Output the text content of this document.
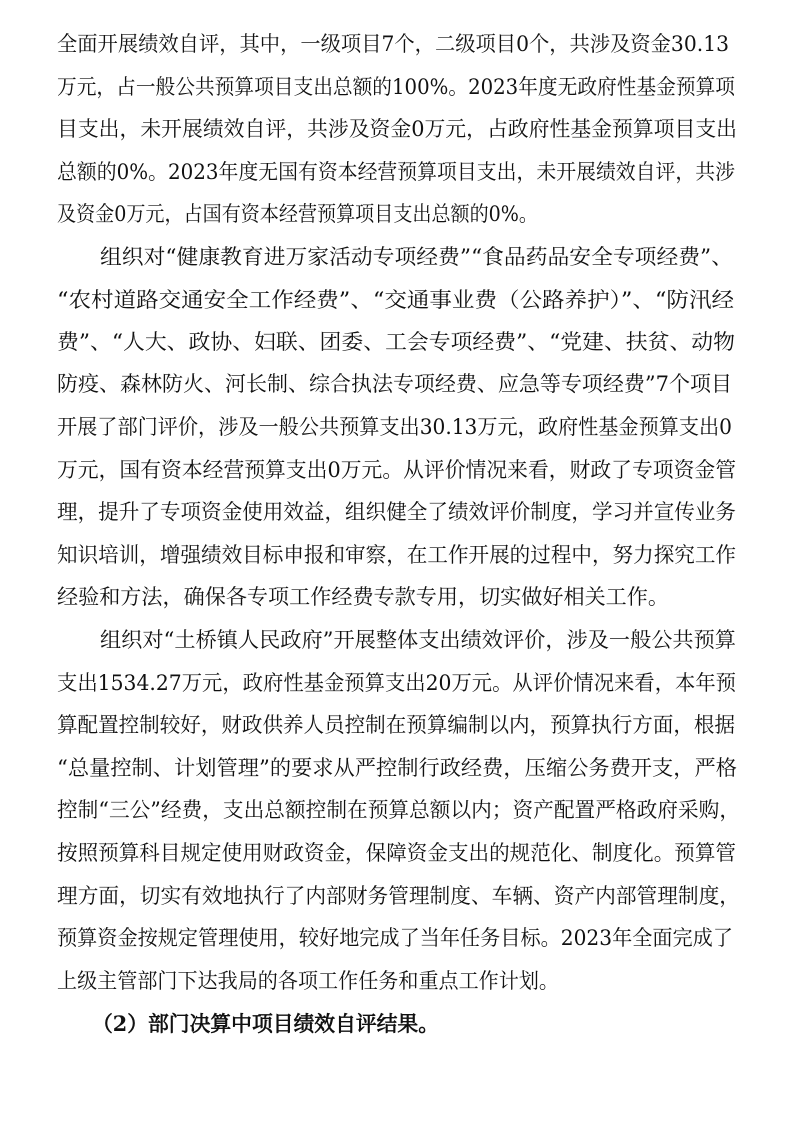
全面开展绩效自评，其中，一级项目7个，二级项目0个，共涉及资金30.13
万元，占一般公共预算项目支出总额的100%。2023年度无政府性基金预算项
目支出，未开展绩效自评，共涉及资金0万元，占政府性基金预算项目支出
总额的0%。2023年度无国有资本经营预算项目支出，未开展绩效自评，共涉
及资金0万元，占国有资本经营预算项目支出总额的0%。
组织对“健康教育进万家活动专项经费”“食品药品安全专项经费”、
“农村道路交通安全工作经费”、“交通事业费（公路养护）”、“防汛经
费”、“人大、政协、妇联、团委、工会专项经费”、“党建、扶贫、动物
防疫、森林防火、河长制、综合执法专项经费、应急等专项经费”7个项目
开展了部门评价，涉及一般公共预算支出30.13万元，政府性基金预算支出0
万元，国有资本经营预算支出0万元。从评价情况来看，财政了专项资金管
理，提升了专项资金使用效益，组织健全了绩效评价制度，学习并宣传业务
知识培训，增强绩效目标申报和审察，在工作开展的过程中，努力探究工作
经验和方法，确保各专项工作经费专款专用，切实做好相关工作。
组织对“土桥镇人民政府”开展整体支出绩效评价，涉及一般公共预算
支出1534.27万元，政府性基金预算支出20万元。从评价情况来看，本年预
算配置控制较好，财政供养人员控制在预算编制以内，预算执行方面，根据
“总量控制、计划管理”的要求从严控制行政经费，压缩公务费开支，严格
控制“三公”经费，支出总额控制在预算总额以内；资产配置严格政府采购，
按照预算科目规定使用财政资金，保障资金支出的规范化、制度化。预算管
理方面，切实有效地执行了内部财务管理制度、车辆、资产内部管理制度，
预算资金按规定管理使用，较好地完成了当年任务目标。2023年全面完成了
上级主管部门下达我局的各项工作任务和重点工作计划。
（2）部门决算中项目绩效自评结果。
